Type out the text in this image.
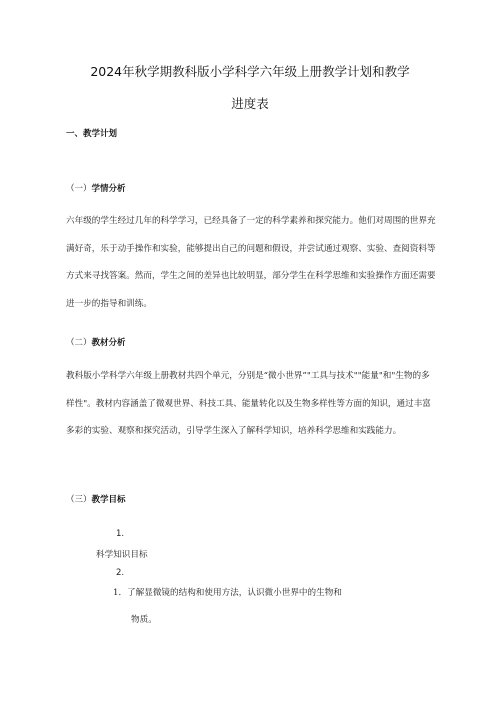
2024年秋学期教科版小学科学六年级上册教学计划和教学
进度表
一、教学计划
（一）学情分析

六年级的学生经过几年的科学学习，已经具备了一定的科学素养和探究能力。他们对周围的世界充满好奇，乐于动手操作和实验，能够提出自己的问题和假设，并尝试通过观察、实验、查阅资料等方式来寻找答案。然而，学生之间的差异也比较明显，部分学生在科学思维和实验操作方面还需要进一步的指导和训练。

（二）教材分析

教科版小学科学六年级上册教材共四个单元，分别是“微小世界”"工具与技术""能量"和"生物的多样性"。教材内容涵盖了微观世界、科技工具、能量转化以及生物多样性等方面的知识，通过丰富多彩的实验、观察和探究活动，引导学生深入了解科学知识，培养科学思维和实践能力。

（三）教学目标

1.

科学知识目标

2.

1．了解显微镜的结构和使用方法，认识微小世界中的生物和

物质。
